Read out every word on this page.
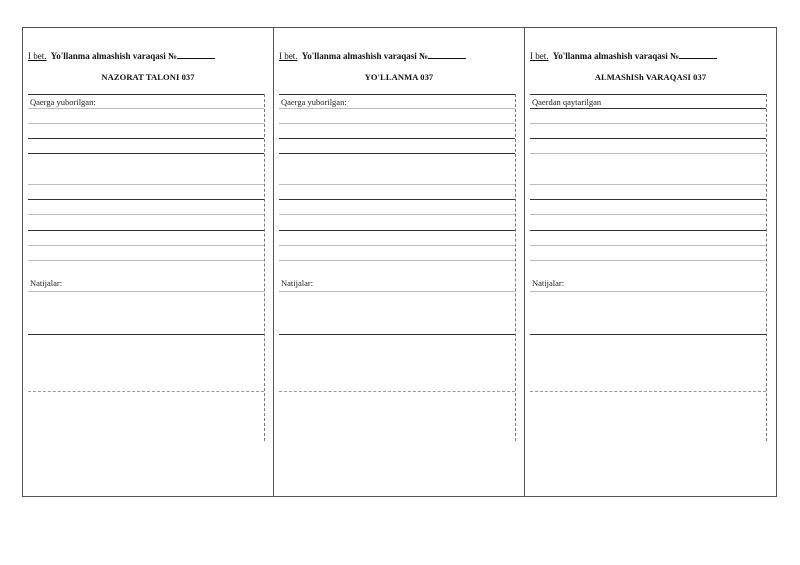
I bet. Yo'llanma almashish varaqasi №
NAZORAT TALONI 037
Qaerga yuborilgan:
Natijalar:
I bet. Yo'llanma almashish varaqasi №
YO'LLANMA 037
Qaerga yuborilgan:
Natijalar:
I bet. Yo'llanma almashish varaqasi №
ALMAShISh VARAQASI 037
Qaerdan qaytarilgan
Natijalar:
